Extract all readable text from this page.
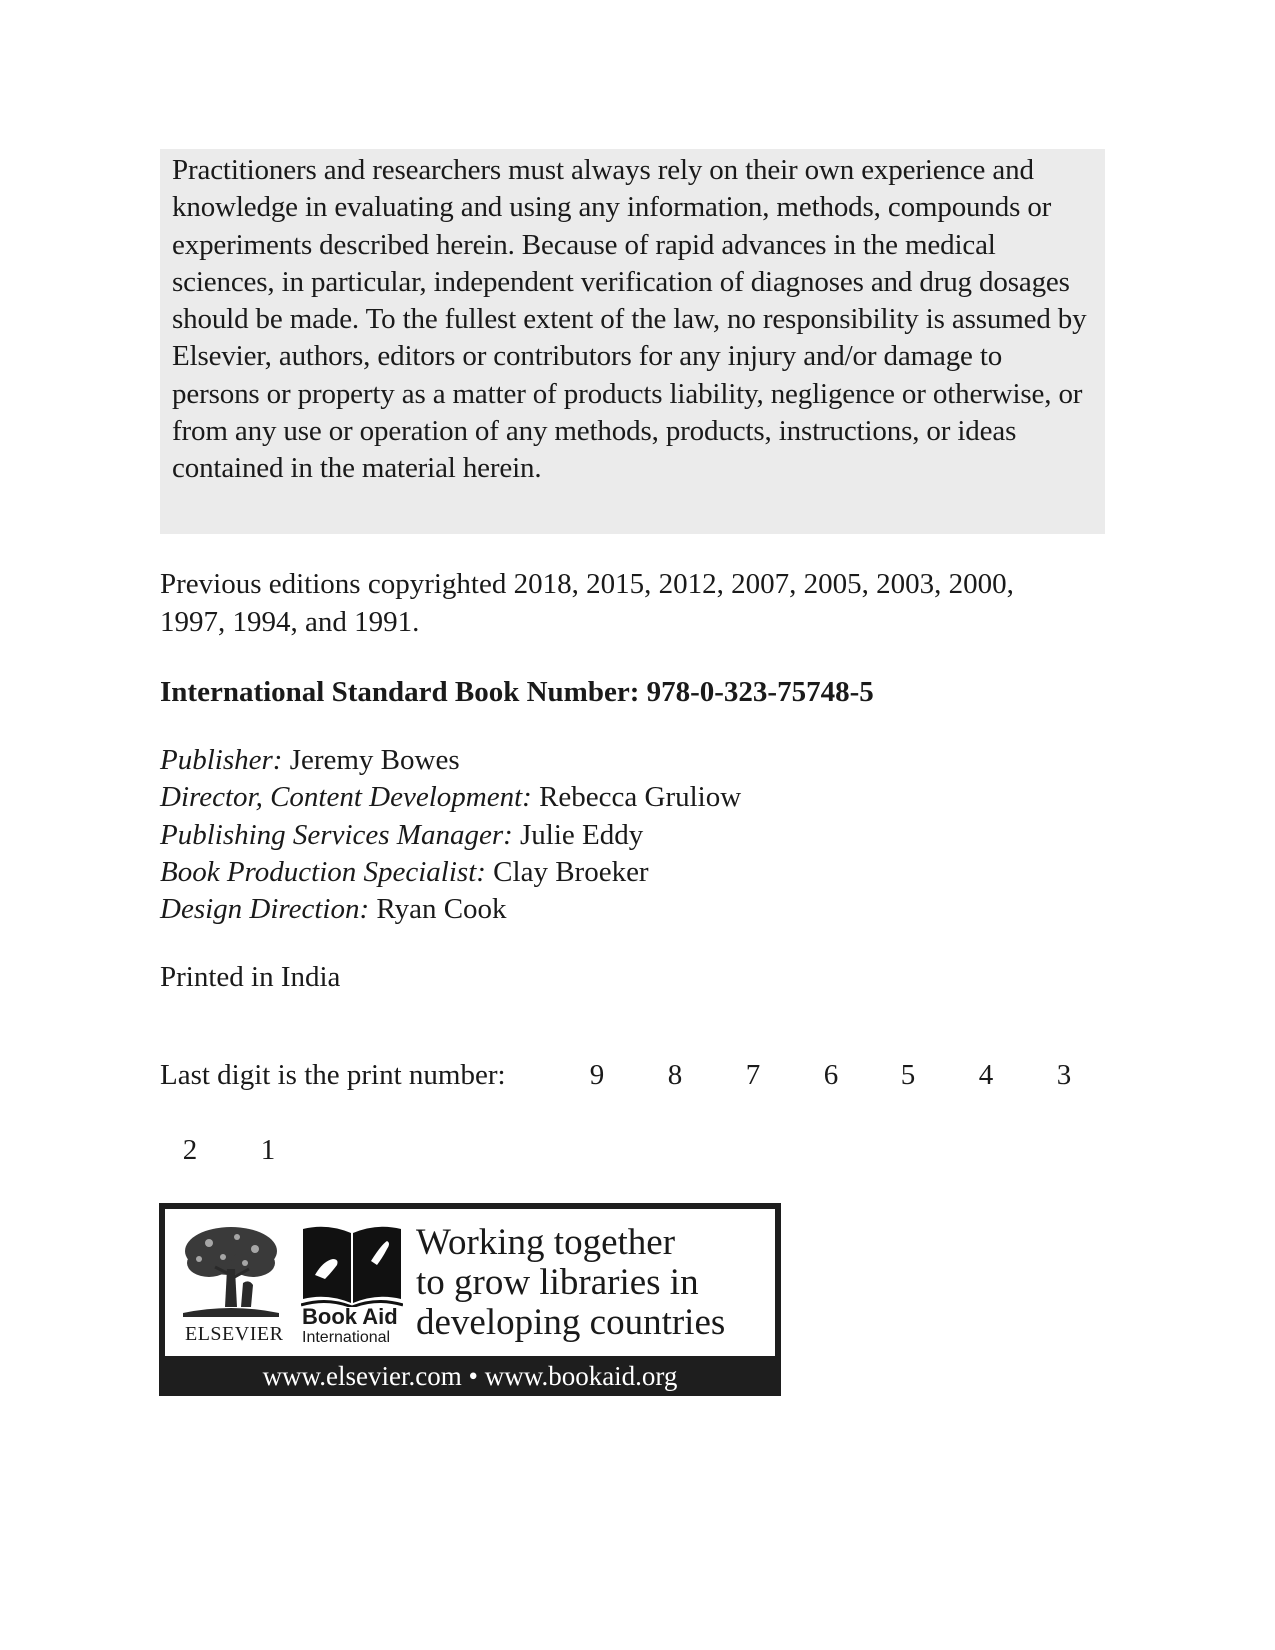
Practitioners and researchers must always rely on their own experience and knowledge in evaluating and using any information, methods, compounds or experiments described herein. Because of rapid advances in the medical sciences, in particular, independent verification of diagnoses and drug dosages should be made. To the fullest extent of the law, no responsibility is assumed by Elsevier, authors, editors or contributors for any injury and/or damage to persons or property as a matter of products liability, negligence or otherwise, or from any use or operation of any methods, products, instructions, or ideas contained in the material herein.

Previous editions copyrighted 2018, 2015, 2012, 2007, 2005, 2003, 2000, 1997, 1994, and 1991.

International Standard Book Number: 978-0-323-75748-5

Publisher: Jeremy Bowes
Director, Content Development: Rebecca Gruliow
Publishing Services Manager: Julie Eddy
Book Production Specialist: Clay Broeker
Design Direction: Ryan Cook

Printed in India

Last digit is the print number:	9 8 7 6 5 4 3
2 1
ELSEVIER
Book Aid
International
Working together
to grow libraries in
developing countries
www.elsevier.com • www.bookaid.org
